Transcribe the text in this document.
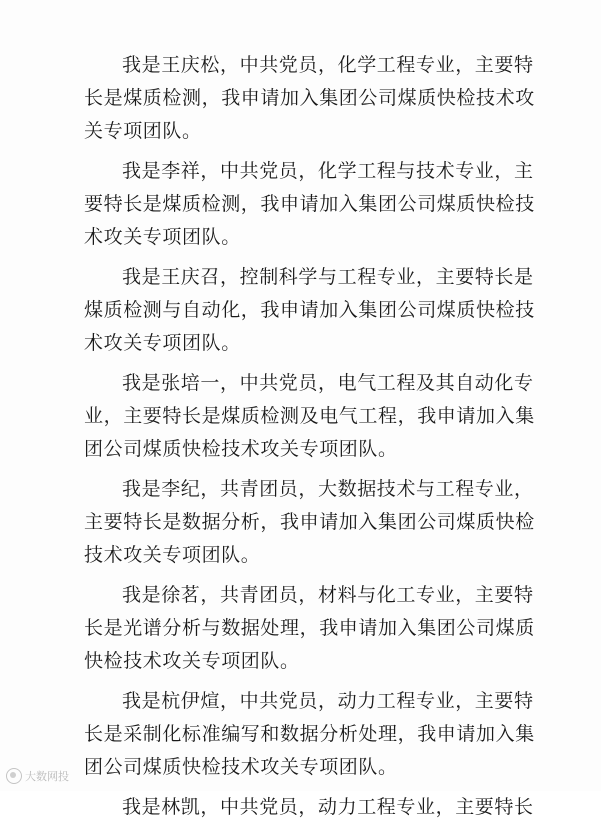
我是王庆松，中共党员，化学工程专业，主要特
长是煤质检测，我申请加入集团公司煤质快检技术攻
关专项团队。
我是李祥，中共党员，化学工程与技术专业，主
要特长是煤质检测，我申请加入集团公司煤质快检技
术攻关专项团队。
我是王庆召，控制科学与工程专业，主要特长是
煤质检测与自动化，我申请加入集团公司煤质快检技
术攻关专项团队。
我是张培一，中共党员，电气工程及其自动化专
业，主要特长是煤质检测及电气工程，我申请加入集
团公司煤质快检技术攻关专项团队。
我是李纪，共青团员，大数据技术与工程专业，
主要特长是数据分析，我申请加入集团公司煤质快检
技术攻关专项团队。
我是徐茗，共青团员，材料与化工专业，主要特
长是光谱分析与数据处理，我申请加入集团公司煤质
快检技术攻关专项团队。
我是杭伊煊，中共党员，动力工程专业，主要特
长是采制化标准编写和数据分析处理，我申请加入集
团公司煤质快检技术攻关专项团队。
我是林凯，中共党员，动力工程专业，主要特长
大数网投
